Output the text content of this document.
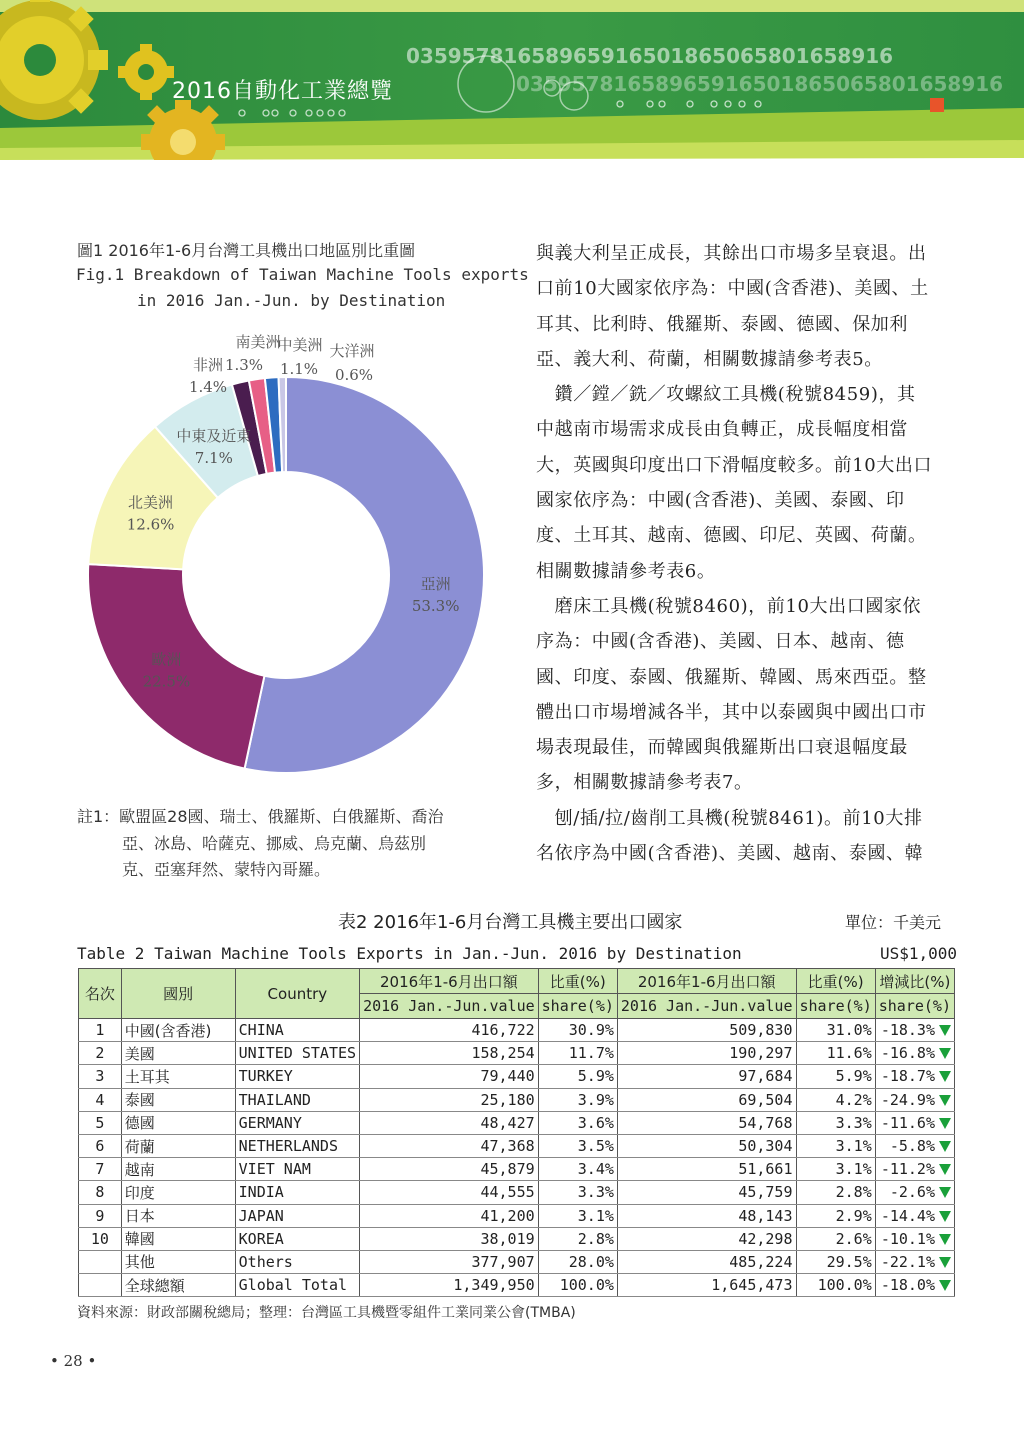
0359578165896591650186506580165891​6
0359578165896591650186506580165891​6
2016自動化工業總覽
圖1 2016年1-6月台灣工具機出口地區別比重圖
Fig.1 Breakdown of Taiwan Machine Tools exports
in 2016 Jan.-Jun. by Destination
亞洲
53.3%
歐洲
22.5%
北美洲
12.6%
中東及近東
7.1%
南美洲
中美洲 大洋洲
非洲 1.3% 1.1% 0.6%
1.4%
註1：歐盟區28國、瑞士、俄羅斯、白俄羅斯、喬治
亞、冰島、哈薩克、挪威、烏克蘭、烏茲別
克、亞塞拜然、蒙特內哥羅。
與義大利呈正成長，其餘出口市場多呈衰退。出
口前10大國家依序為：中國(含香港)、美國、土
耳其、比利時、俄羅斯、泰國、德國、保加利
亞、義大利、荷蘭，相關數據請參考表5。
　鑽／鏜／銑／攻螺紋工具機(稅號8459)，其
中越南市場需求成長由負轉正，成長幅度相當
大，英國與印度出口下滑幅度較多。前10大出口
國家依序為：中國(含香港)、美國、泰國、印
度、土耳其、越南、德國、印尼、英國、荷蘭。
相關數據請參考表6。
　磨床工具機(稅號8460)，前10大出口國家依
序為：中國(含香港)、美國、日本、越南、德
國、印度、泰國、俄羅斯、韓國、馬來西亞。整
體出口市場增減各半，其中以泰國與中國出口市
場表現最佳，而韓國與俄羅斯出口衰退幅度最
多，相關數據請參考表7。
　刨/插/拉/齒削工具機(稅號8461)。前10大排
名依序為中國(含香港)、美國、越南、泰國、韓
表2 2016年1-6月台灣工具機主要出口國家	單位：千美元
Table 2 Taiwan Machine Tools Exports in Jan.-Jun. 2016 by Destination	US$1,000
名次	國別	Country	2016年1-6月出口額	比重(%)	2016年1-6月出口額	比重(%)	增減比(%)
			2016 Jan.-Jun.value	share(%)	2016 Jan.-Jun.value	share(%)	share(%)
1	中國(含香港)	CHINA	416,722	30.9%	509,830	31.0%	-18.3%
2	美國	UNITED STATES	158,254	11.7%	190,297	11.6%	-16.8%
3	土耳其	TURKEY	79,440	5.9%	97,684	5.9%	-18.7%
4	泰國	THAILAND	25,180	3.9%	69,504	4.2%	-24.9%
5	德國	GERMANY	48,427	3.6%	54,768	3.3%	-11.6%
6	荷蘭	NETHERLANDS	47,368	3.5%	50,304	3.1%	-5.8%
7	越南	VIET NAM	45,879	3.4%	51,661	3.1%	-11.2%
8	印度	INDIA	44,555	3.3%	45,759	2.8%	-2.6%
9	日本	JAPAN	41,200	3.1%	48,143	2.9%	-14.4%
10	韓國	KOREA	38,019	2.8%	42,298	2.6%	-10.1%
	其他	Others	377,907	28.0%	485,224	29.5%	-22.1%
	全球總額	Global Total	1,349,950	100.0%	1,645,473	100.0%	-18.0%
資料來源：財政部關稅總局；整理：台灣區工具機暨零組件工業同業公會(TMBA)
• 28 •
